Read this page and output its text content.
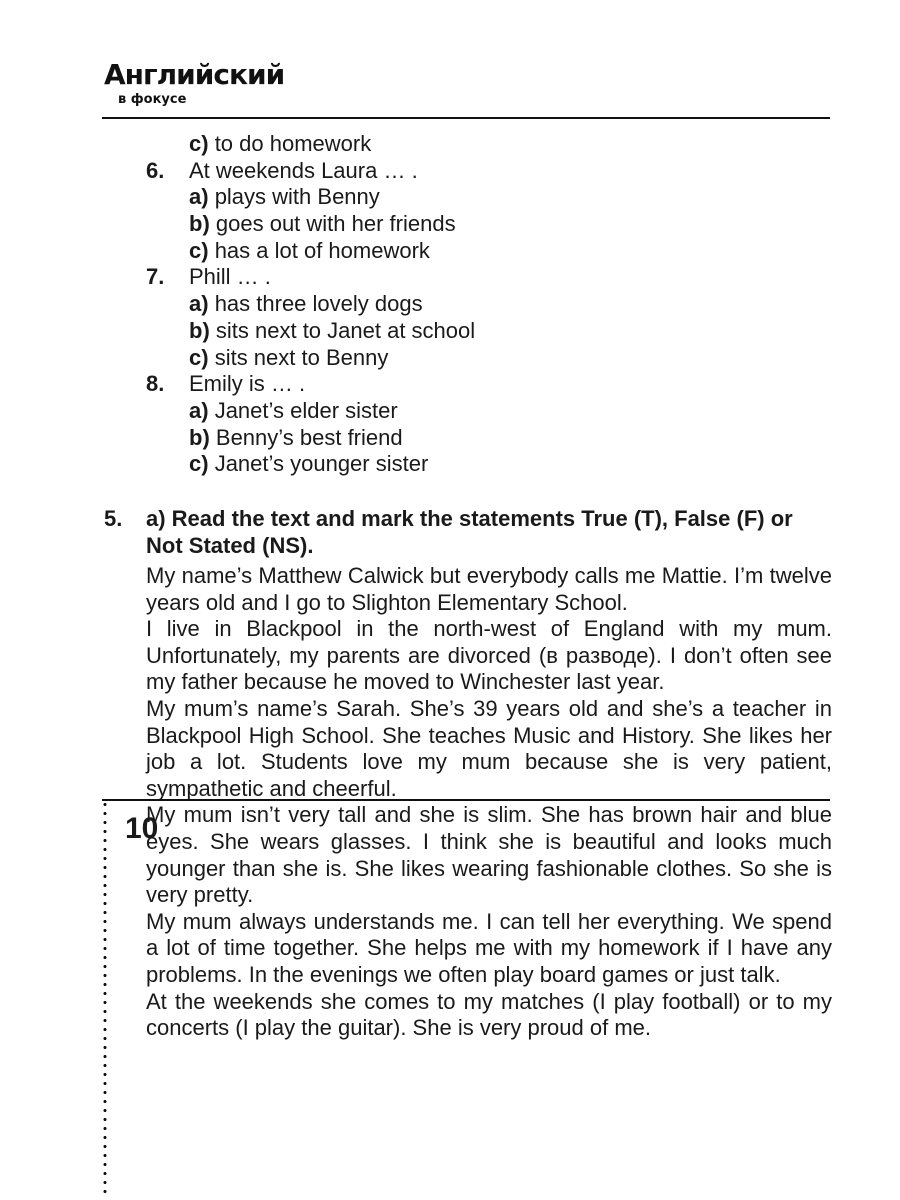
Английский
в фокусе
c) to do homework
6. At weekends Laura … .
a) plays with Benny
b) goes out with her friends
c) has a lot of homework
7. Phill … .
a) has three lovely dogs
b) sits next to Janet at school
c) sits next to Benny
8. Emily is … .
a) Janet’s elder sister
b) Benny’s best friend
c) Janet’s younger sister
5. a) Read the text and mark the statements True (T), False (F) or Not Stated (NS).

My name’s Matthew Calwick but everybody calls me Mattie. I’m twelve years old and I go to Slighton Elementary School.

I live in Blackpool in the north-west of England with my mum. Unfortunately, my parents are divorced (в разводе). I don’t often see my father because he moved to Winchester last year.

My mum’s name’s Sarah. She’s 39 years old and she’s a teacher in Blackpool High School. She teaches Music and History. She likes her job a lot. Students love my mum because she is very patient, sympathetic and cheerful.

My mum isn’t very tall and she is slim. She has brown hair and blue eyes. She wears glasses. I think she is beautiful and looks much younger than she is. She likes wearing fashionable clothes. So she is very pretty.

My mum always understands me. I can tell her everything. We spend a lot of time together. She helps me with my homework if I have any problems. In the evenings we often play board games or just talk.

At the weekends she comes to my matches (I play football) or to my concerts (I play the guitar). She is very proud of me.

10
